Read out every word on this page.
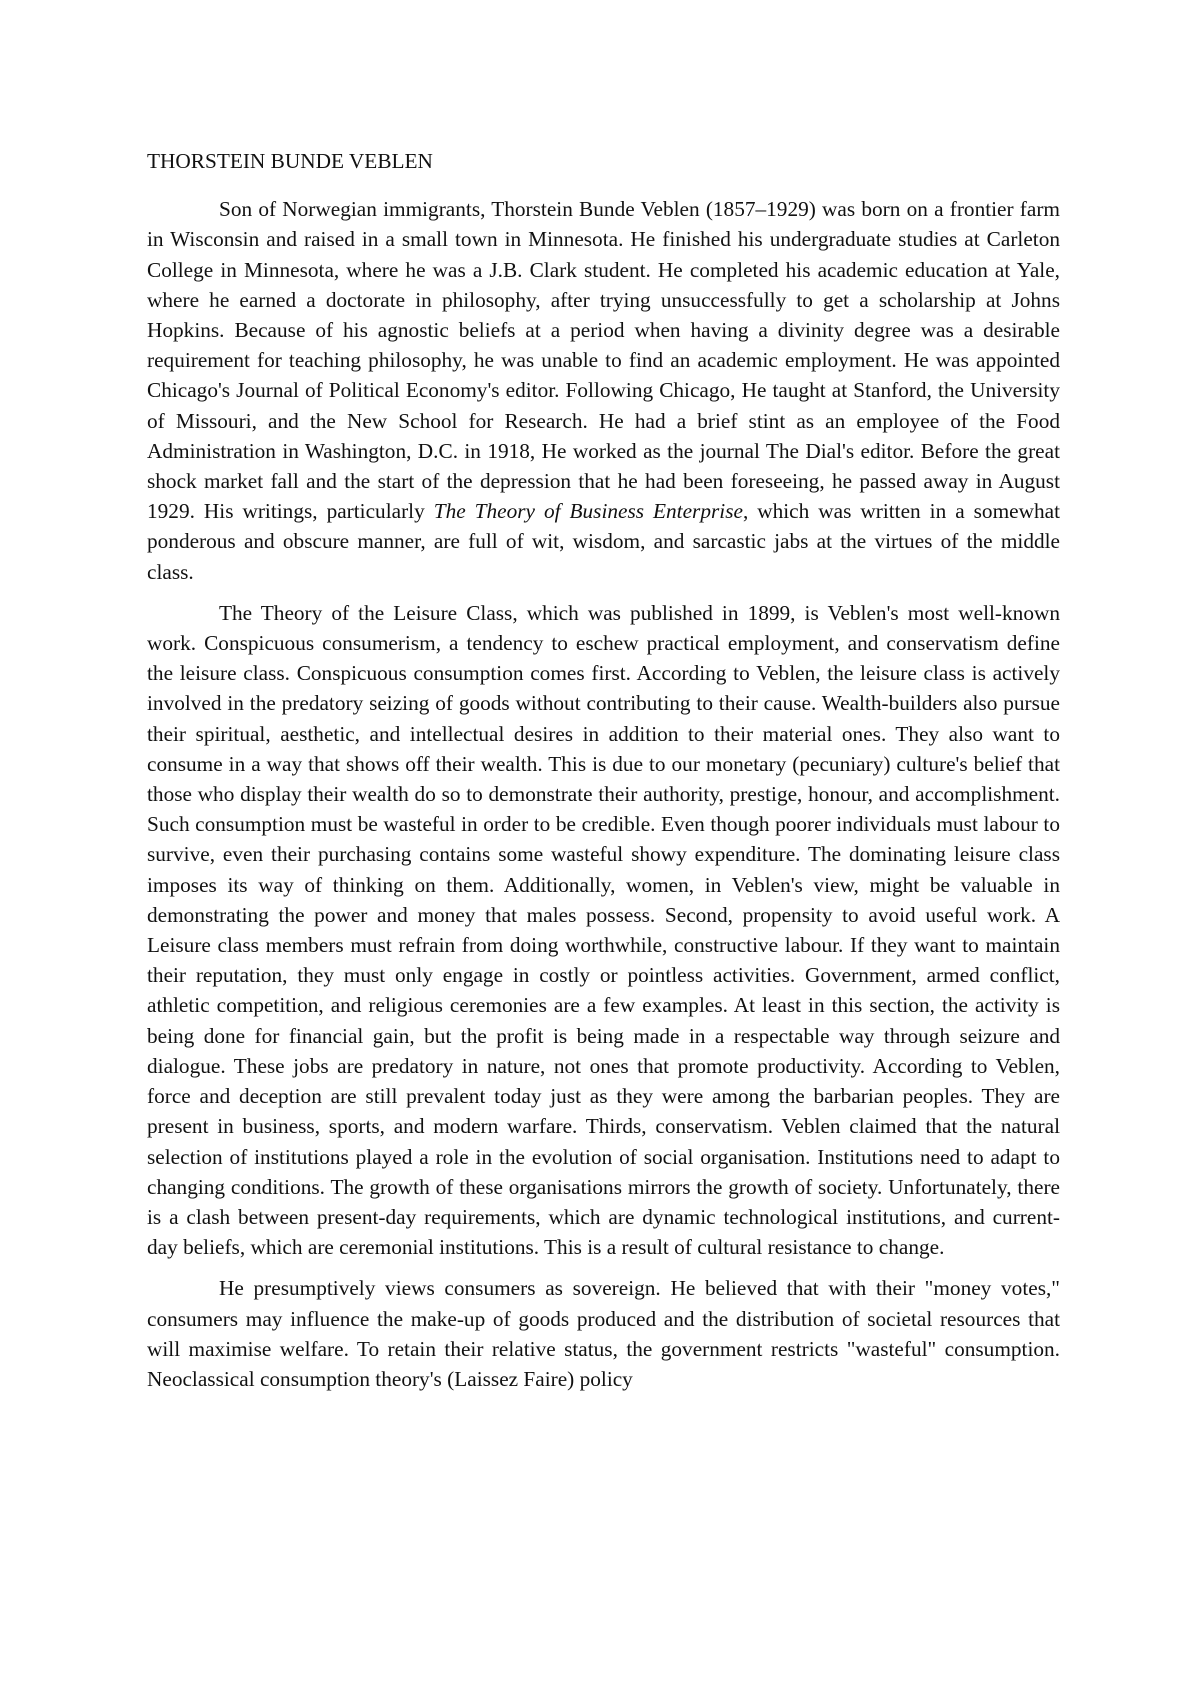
THORSTEIN BUNDE VEBLEN

Son of Norwegian immigrants, Thorstein Bunde Veblen (1857–1929) was born on a frontier farm in Wisconsin and raised in a small town in Minnesota. He finished his undergraduate studies at Carleton College in Minnesota, where he was a J.B. Clark student. He completed his academic education at Yale, where he earned a doctorate in philosophy, after trying unsuccessfully to get a scholarship at Johns Hopkins. Because of his agnostic beliefs at a period when having a divinity degree was a desirable requirement for teaching philosophy, he was unable to find an academic employment. He was appointed Chicago's Journal of Political Economy's editor. Following Chicago, He taught at Stanford, the University of Missouri, and the New School for Research. He had a brief stint as an employee of the Food Administration in Washington, D.C. in 1918, He worked as the journal The Dial's editor. Before the great shock market fall and the start of the depression that he had been foreseeing, he passed away in August 1929. His writings, particularly The Theory of Business Enterprise, which was written in a somewhat ponderous and obscure manner, are full of wit, wisdom, and sarcastic jabs at the virtues of the middle class.

The Theory of the Leisure Class, which was published in 1899, is Veblen's most well-known work. Conspicuous consumerism, a tendency to eschew practical employment, and conservatism define the leisure class. Conspicuous consumption comes first. According to Veblen, the leisure class is actively involved in the predatory seizing of goods without contributing to their cause. Wealth-builders also pursue their spiritual, aesthetic, and intellectual desires in addition to their material ones. They also want to consume in a way that shows off their wealth. This is due to our monetary (pecuniary) culture's belief that those who display their wealth do so to demonstrate their authority, prestige, honour, and accomplishment. Such consumption must be wasteful in order to be credible. Even though poorer individuals must labour to survive, even their purchasing contains some wasteful showy expenditure. The dominating leisure class imposes its way of thinking on them. Additionally, women, in Veblen's view, might be valuable in demonstrating the power and money that males possess. Second, propensity to avoid useful work. A Leisure class members must refrain from doing worthwhile, constructive labour. If they want to maintain their reputation, they must only engage in costly or pointless activities. Government, armed conflict, athletic competition, and religious ceremonies are a few examples. At least in this section, the activity is being done for financial gain, but the profit is being made in a respectable way through seizure and dialogue. These jobs are predatory in nature, not ones that promote productivity. According to Veblen, force and deception are still prevalent today just as they were among the barbarian peoples. They are present in business, sports, and modern warfare. Thirds, conservatism. Veblen claimed that the natural selection of institutions played a role in the evolution of social organisation. Institutions need to adapt to changing conditions. The growth of these organisations mirrors the growth of society. Unfortunately, there is a clash between present-day requirements, which are dynamic technological institutions, and current-day beliefs, which are ceremonial institutions. This is a result of cultural resistance to change.

He presumptively views consumers as sovereign. He believed that with their "money votes," consumers may influence the make-up of goods produced and the distribution of societal resources that will maximise welfare. To retain their relative status, the government restricts "wasteful" consumption. Neoclassical consumption theory's (Laissez Faire) policy
